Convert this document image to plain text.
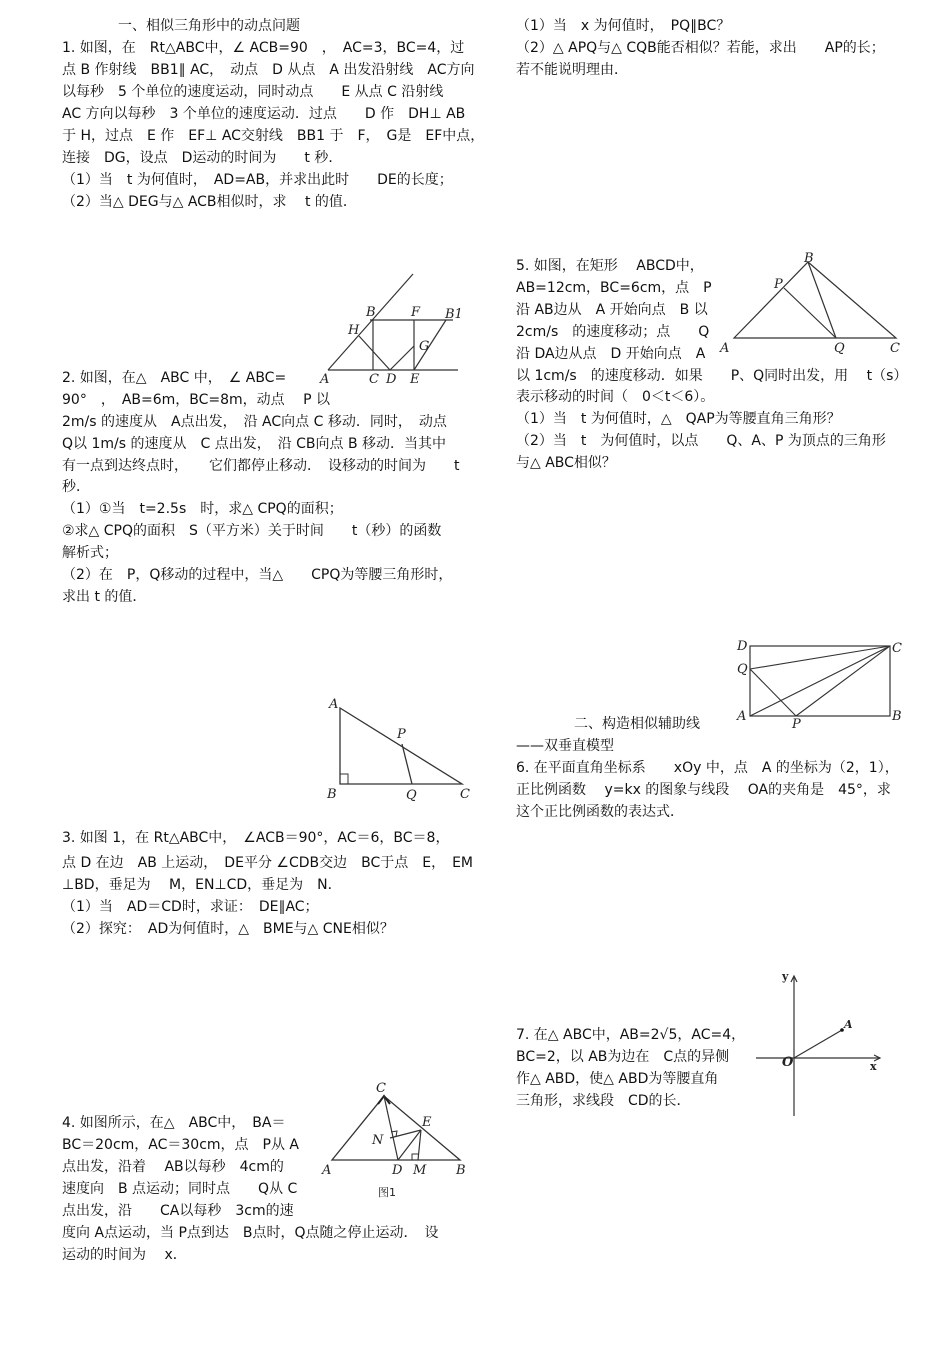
一、相似三角形中的动点问题
1. 如图，在　Rt△ABC中，∠ ACB=90　，　AC=3，BC=4，过
点 B 作射线　BB1∥ AC，　动点　D 从点　A 出发沿射线　AC方向
以每秒　5 个单位的速度运动，同时动点　　E 从点 C 沿射线
AC 方向以每秒　3 个单位的速度运动．过点　　D 作　DH⊥ AB
于 H，过点　E 作　EF⊥ AC交射线　BB1 于　F，　G是　EF中点，
连接　DG，设点　D运动的时间为　　t 秒．
（1）当　t 为何值时，　AD=AB，并求出此时　　DE的长度；
（2）当△ DEG与△ ACB相似时，求　 t 的值．
2. 如图，在△　ABC 中，　∠ ABC=
90°　，　AB=6m，BC=8m，动点　 P 以
2m/s 的速度从　A点出发，　沿 AC向点 C 移动．同时，　动点
Q以 1m/s 的速度从　C 点出发，　沿 CB向点 B 移动．当其中
有一点到达终点时，　　它们都停止移动．　设移动的时间为　　t
秒．
（1）①当　t=2.5s　时，求△ CPQ的面积；
②求△ CPQ的面积　S（平方米）关于时间　　t（秒）的函数
解析式；
（2）在　P，Q移动的过程中，当△　　CPQ为等腰三角形时，
求出 t 的值．
3. 如图 1，在 Rt△ABC中，　∠ACB＝90°，AC＝6，BC＝8，
点 D 在边　AB 上运动，　DE平分 ∠CDB交边　BC于点　E，　EM
⊥BD，垂足为　 M，EN⊥CD，垂足为　N．
（1）当　AD＝CD时，求证：　DE∥AC；
（2）探究：　AD为何值时，△　BME与△ CNE相似？
4. 如图所示，在△　ABC中，　BA＝
BC＝20cm，AC＝30cm，点　P从 A
点出发，沿着　 AB以每秒　4cm的
速度向　B 点运动；同时点　　Q从 C
点出发，沿　　CA以每秒　3cm的速
度向 A点运动，当 P点到达　B点时，Q点随之停止运动．　设
运动的时间为　 x．
（1）当　x 为何值时，　PQ∥BC？
（2）△ APQ与△ CQB能否相似？若能，求出　　AP的长；
若不能说明理由．
5. 如图，在矩形　 ABCD中，
AB=12cm，BC=6cm，点　P
沿 AB边从　A 开始向点　B 以
2cm/s　的速度移动；点　　Q
沿 DA边从点　D 开始向点　A
以 1cm/s　的速度移动．如果　　P、Q同时出发，用　 t（s）
表示移动的时间（　0＜t＜6）。
（1）当　t 为何值时，△　QAP为等腰直角三角形？
（2）当　t　为何值时，以点　　Q、A、P 为顶点的三角形
与△ ABC相似？
二、构造相似辅助线
——双垂直模型
6. 在平面直角坐标系　　xOy 中，点　A 的坐标为（2，1），
正比例函数　 y=kx 的图象与线段　 OA的夹角是　45°，求
这个正比例函数的表达式．
7. 在△ ABC中，AB=2√5，AC=4，
BC=2，以 AB为边在　C点的异侧
作△ ABD，使△ ABD为等腰直角
三角形，求线段　CD的长．
A
B
C D E
F
G
H
B1
A
B	C
P
Q
C
A	B
D
E
M
N
图1
A
B
C
P
Q
D
Q
A
P
B
C
y
x
O
A
